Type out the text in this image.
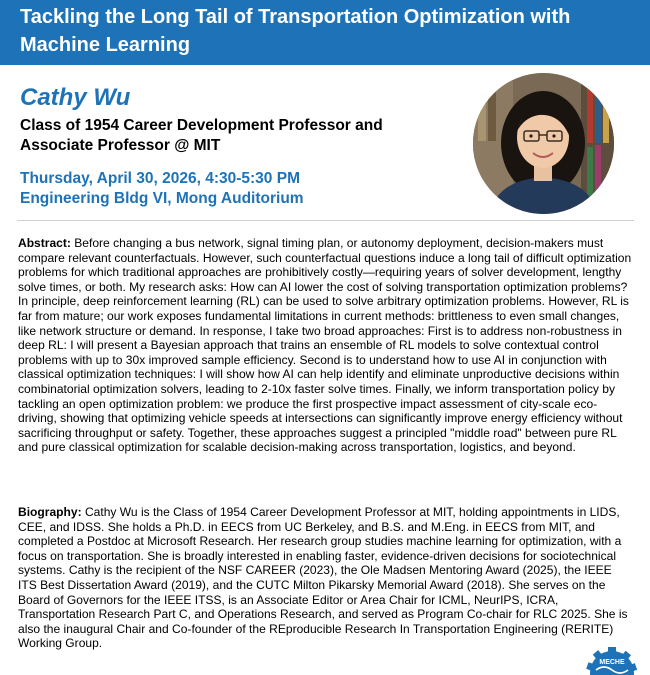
Tackling the Long Tail of Transportation Optimization with Machine Learning
Cathy Wu

Class of 1954 Career Development Professor and Associate Professor @ MIT

Thursday, April 30, 2026, 4:30-5:30 PM
Engineering Bldg VI, Mong Auditorium

Abstract: Before changing a bus network, signal timing plan, or autonomy deployment, decision-makers must compare relevant counterfactuals. However, such counterfactual questions induce a long tail of difficult optimization problems for which traditional approaches are prohibitively costly—requiring years of solver development, lengthy solve times, or both. My research asks: How can AI lower the cost of solving transportation optimization problems? In principle, deep reinforcement learning (RL) can be used to solve arbitrary optimization problems. However, RL is far from mature; our work exposes fundamental limitations in current methods: brittleness to even small changes, like network structure or demand. In response, I take two broad approaches: First is to address non-robustness in deep RL: I will present a Bayesian approach that trains an ensemble of RL models to solve contextual control problems with up to 30x improved sample efficiency. Second is to understand how to use AI in conjunction with classical optimization techniques: I will show how AI can help identify and eliminate unproductive decisions within combinatorial optimization solvers, leading to 2-10x faster solve times. Finally, we inform transportation policy by tackling an open optimization problem: we produce the first prospective impact assessment of city-scale eco-driving, showing that optimizing vehicle speeds at intersections can significantly improve energy efficiency without sacrificing throughput or safety. Together, these approaches suggest a principled "middle road" between pure RL and pure classical optimization for scalable decision-making across transportation, logistics, and beyond.

Biography: Cathy Wu is the Class of 1954 Career Development Professor at MIT, holding appointments in LIDS, CEE, and IDSS. She holds a Ph.D. in EECS from UC Berkeley, and B.S. and M.Eng. in EECS from MIT, and completed a Postdoc at Microsoft Research. Her research group studies machine learning for optimization, with a focus on transportation. She is broadly interested in enabling faster, evidence-driven decisions for sociotechnical systems. Cathy is the recipient of the NSF CAREER (2023), the Ole Madsen Mentoring Award (2025), the IEEE ITS Best Dissertation Award (2019), and the CUTC Milton Pikarsky Memorial Award (2018). She serves on the Board of Governors for the IEEE ITSS, is an Associate Editor or Area Chair for ICML, NeurIPS, ICRA, Transportation Research Part C, and Operations Research, and served as Program Co-chair for RLC 2025. She is also the inaugural Chair and Co-founder of the REproducible Research In Transportation Engineering (RERITE) Working Group.

MECHE
